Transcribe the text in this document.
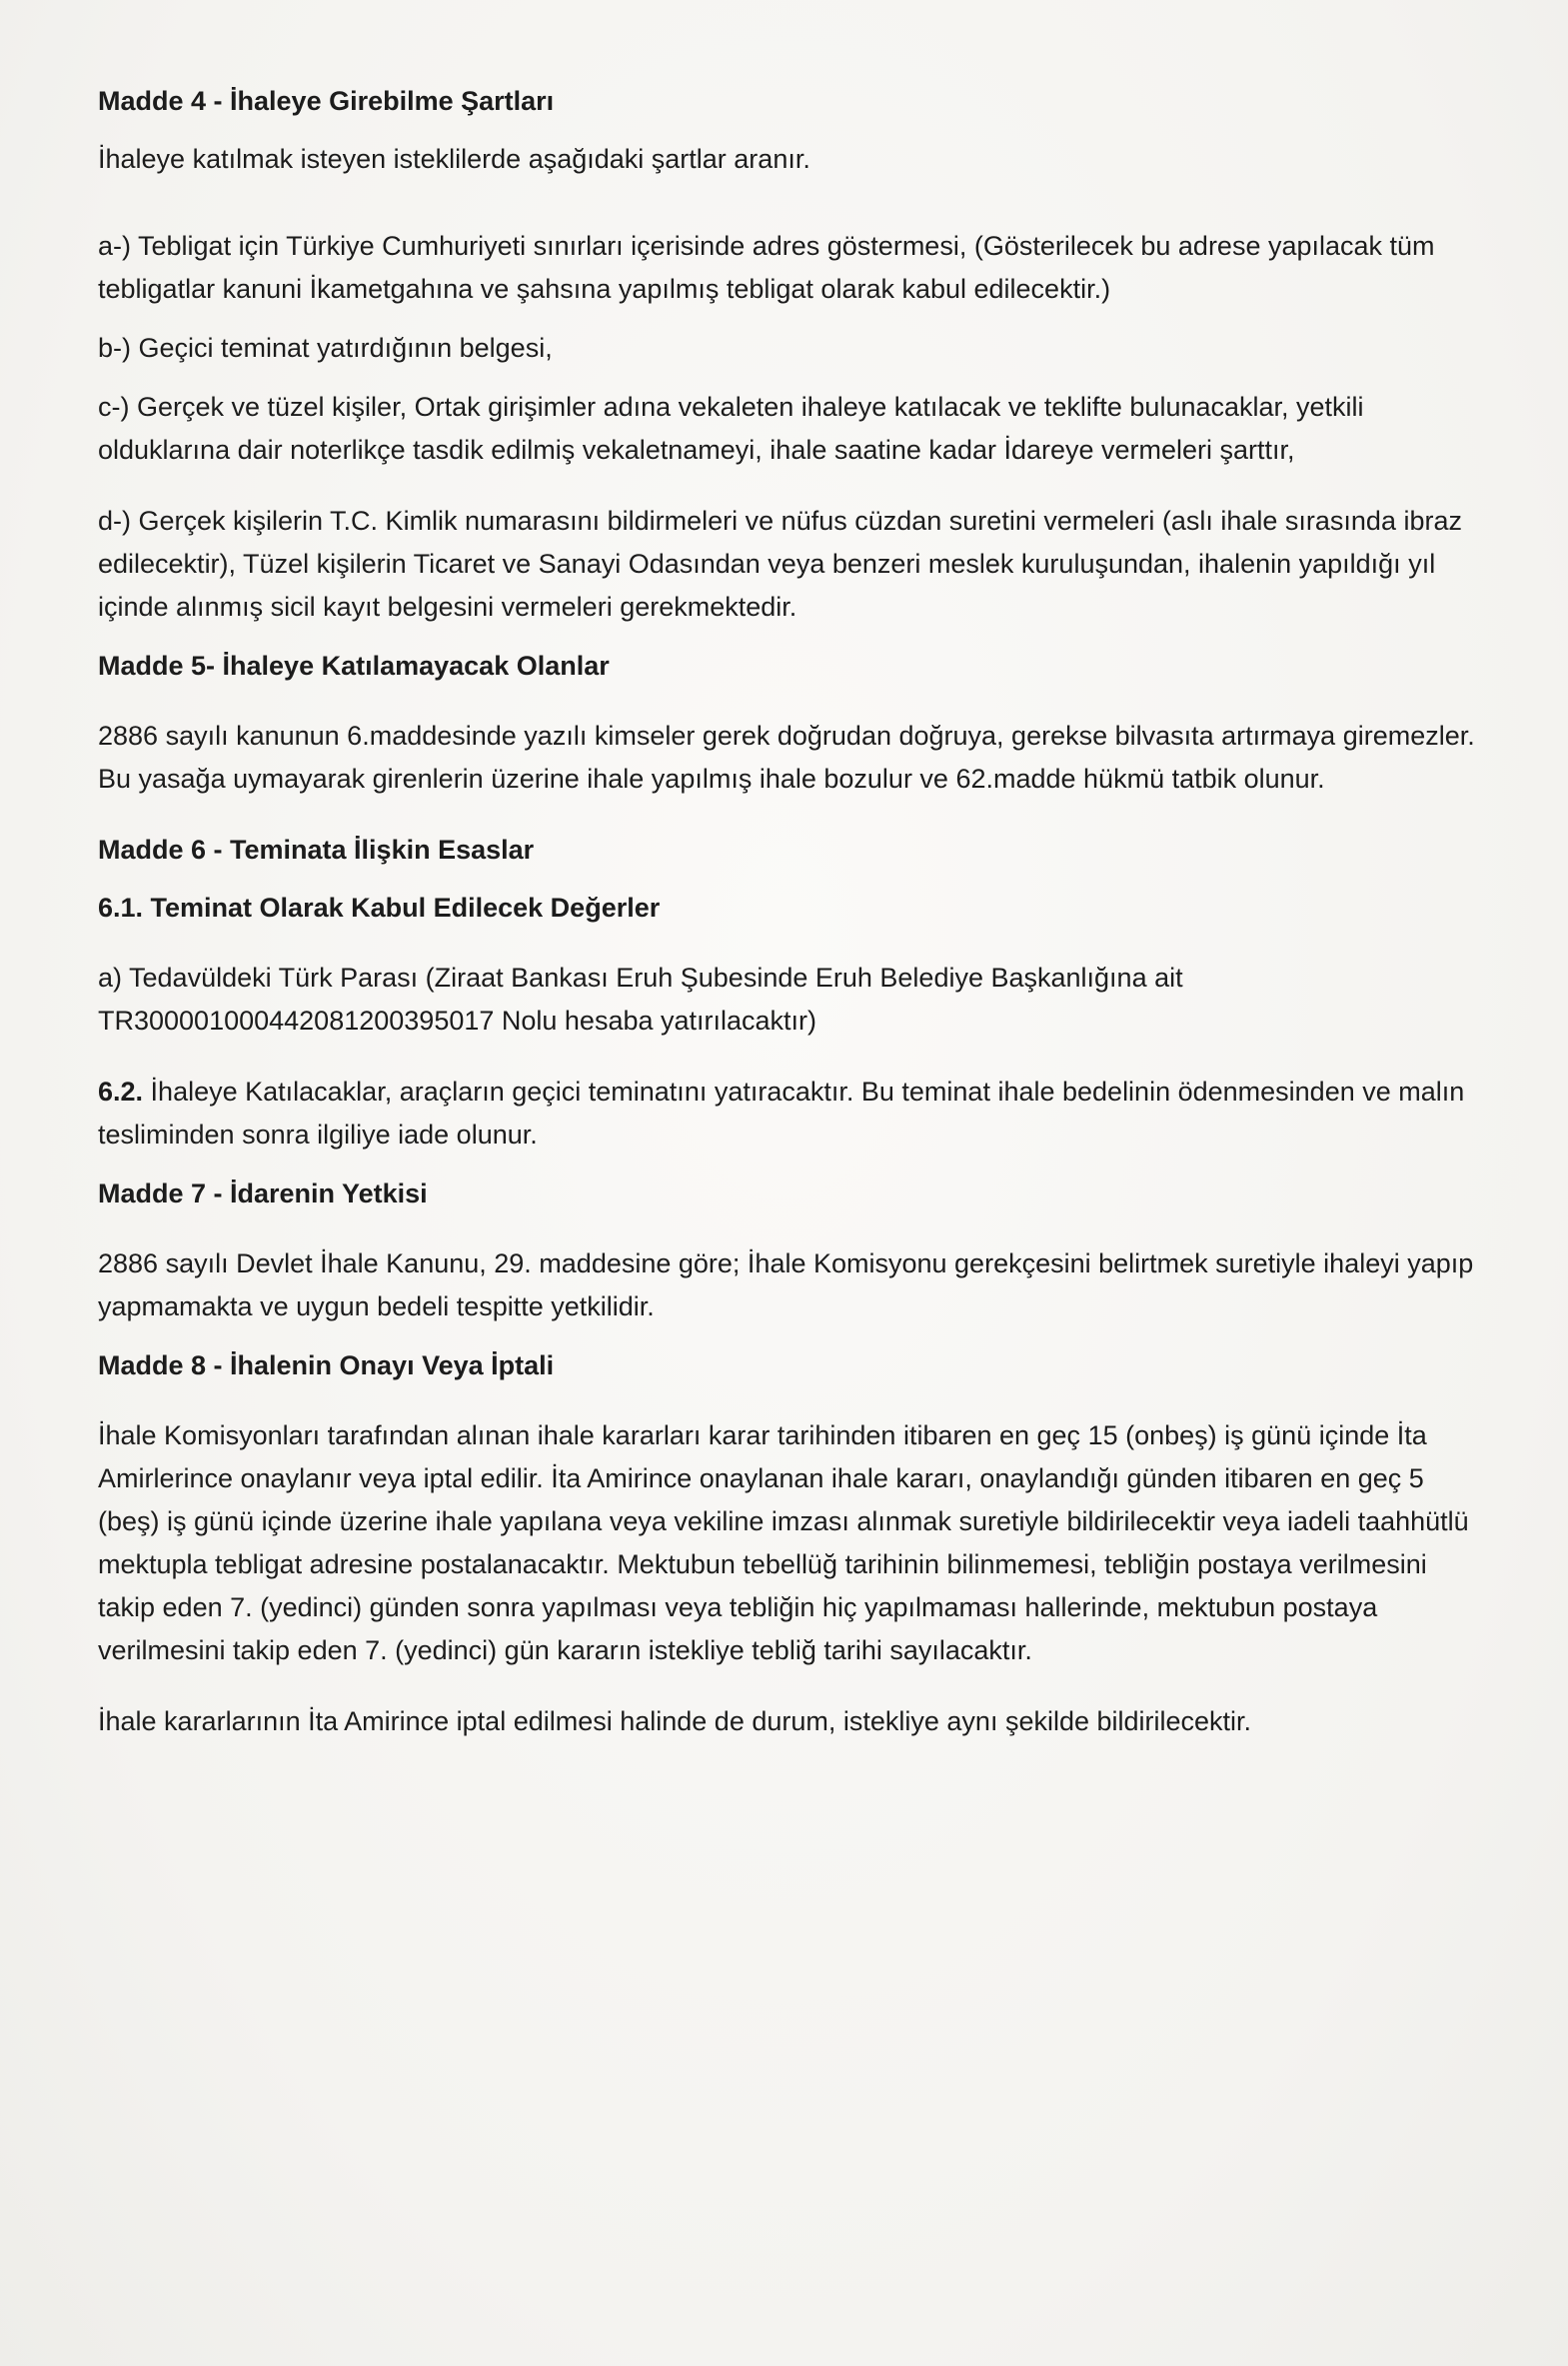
Madde 4 - İhaleye Girebilme Şartları

İhaleye katılmak isteyen isteklilerde aşağıdaki şartlar aranır.

a-) Tebligat için Türkiye Cumhuriyeti sınırları içerisinde adres göstermesi, (Gösterilecek bu adrese yapılacak tüm tebligatlar kanuni İkametgahına ve şahsına yapılmış tebligat olarak kabul edilecektir.)

b-) Geçici teminat yatırdığının belgesi,

c-) Gerçek ve tüzel kişiler, Ortak girişimler adına vekaleten ihaleye katılacak ve teklifte bulunacaklar, yetkili olduklarına dair noterlikçe tasdik edilmiş vekaletnameyi, ihale saatine kadar İdareye vermeleri şarttır,

d-) Gerçek kişilerin T.C. Kimlik numarasını bildirmeleri ve nüfus cüzdan suretini vermeleri (aslı ihale sırasında ibraz edilecektir), Tüzel kişilerin Ticaret ve Sanayi Odasından veya benzeri meslek kuruluşundan, ihalenin yapıldığı yıl içinde alınmış sicil kayıt belgesini vermeleri gerekmektedir.

Madde 5- İhaleye Katılamayacak Olanlar

2886 sayılı kanunun 6.maddesinde yazılı kimseler gerek doğrudan doğruya, gerekse bilvasıta artırmaya giremezler. Bu yasağa uymayarak girenlerin üzerine ihale yapılmış ihale bozulur ve 62.madde hükmü tatbik olunur.

Madde 6 - Teminata İlişkin Esaslar

6.1. Teminat Olarak Kabul Edilecek Değerler

a) Tedavüldeki Türk Parası (Ziraat Bankası Eruh Şubesinde Eruh Belediye Başkanlığına ait TR300001000442081200395017 Nolu hesaba yatırılacaktır)

6.2. İhaleye Katılacaklar, araçların geçici teminatını yatıracaktır. Bu teminat ihale bedelinin ödenmesinden ve malın tesliminden sonra ilgiliye iade olunur.

Madde 7 - İdarenin Yetkisi

2886 sayılı Devlet İhale Kanunu, 29. maddesine göre; İhale Komisyonu gerekçesini belirtmek suretiyle ihaleyi yapıp yapmamakta ve uygun bedeli tespitte yetkilidir.

Madde 8 - İhalenin Onayı Veya İptali

İhale Komisyonları tarafından alınan ihale kararları karar tarihinden itibaren en geç 15 (onbeş) iş günü içinde İta Amirlerince onaylanır veya iptal edilir. İta Amirince onaylanan ihale kararı, onaylandığı günden itibaren en geç 5 (beş) iş günü içinde üzerine ihale yapılana veya vekiline imzası alınmak suretiyle bildirilecektir veya iadeli taahhütlü mektupla tebligat adresine postalanacaktır. Mektubun tebellüğ tarihinin bilinmemesi, tebliğin postaya verilmesini takip eden 7. (yedinci) günden sonra yapılması veya tebliğin hiç yapılmaması hallerinde, mektubun postaya verilmesini takip eden 7. (yedinci) gün kararın istekliye tebliğ tarihi sayılacaktır.

İhale kararlarının İta Amirince iptal edilmesi halinde de durum, istekliye aynı şekilde bildirilecektir.
